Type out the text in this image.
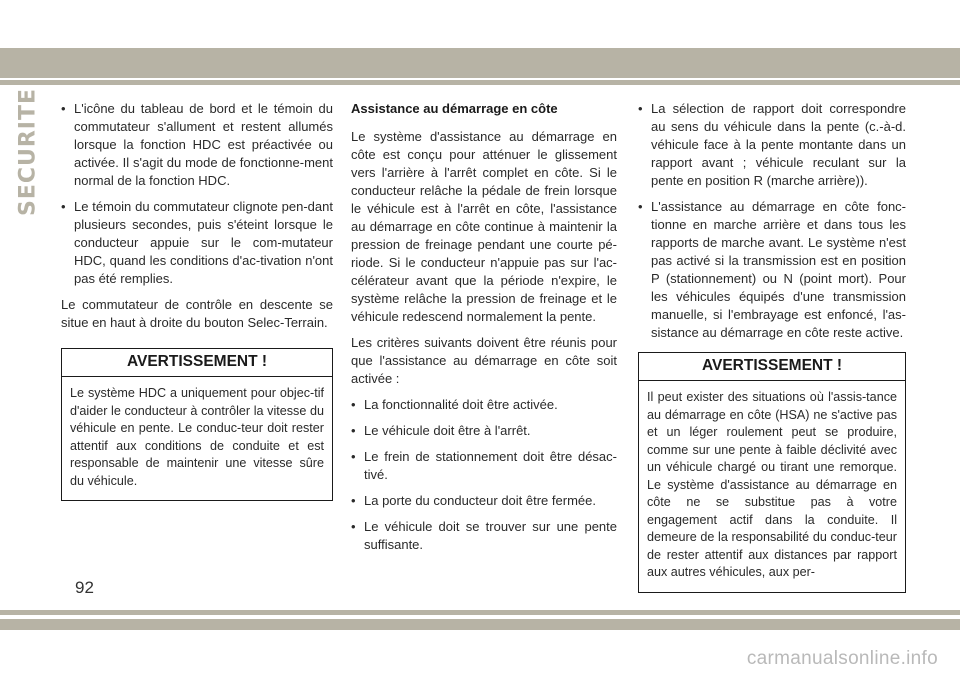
SECURITE • L'icône du tableau de bord et le témoin du commutateur s'allument et restent allumés lorsque la fonction HDC est préactivée ou activée. Il s'agit du mode de fonctionne-ment normal de la fonction HDC.
• Le témoin du commutateur clignote pen-dant plusieurs secondes, puis s'éteint lorsque le conducteur appuie sur le com-mutateur HDC, quand les conditions d'ac-tivation n'ont pas été remplies.

Le commutateur de contrôle en descente se situe en haut à droite du bouton Selec-Terrain.

AVERTISSEMENT !
Le système HDC a uniquement pour objec-tif d'aider le conducteur à contrôler la vitesse du véhicule en pente. Le conduc-teur doit rester attentif aux conditions de conduite et est responsable de maintenir une vitesse sûre du véhicule.
Assistance au démarrage en côte

Le système d'assistance au démarrage en côte est conçu pour atténuer le glissement vers l'arrière à l'arrêt complet en côte. Si le conducteur relâche la pédale de frein lorsque le véhicule est à l'arrêt en côte, l'assistance au démarrage en côte continue à maintenir la pression de freinage pendant une courte pé-riode. Si le conducteur n'appuie pas sur l'ac-célérateur avant que la période n'expire, le système relâche la pression de freinage et le véhicule redescend normalement la pente.

Les critères suivants doivent être réunis pour que l'assistance au démarrage en côte soit activée :

• La fonctionnalité doit être activée.
• Le véhicule doit être à l'arrêt.
• Le frein de stationnement doit être désac-tivé.
• La porte du conducteur doit être fermée.
• Le véhicule doit se trouver sur une pente suffisante.
• La sélection de rapport doit correspondre au sens du véhicule dans la pente (c.-à-d. véhicule face à la pente montante dans un rapport avant ; véhicule reculant sur la pente en position R (marche arrière)).
• L'assistance au démarrage en côte fonc-tionne en marche arrière et dans tous les rapports de marche avant. Le système n'est pas activé si la transmission est en position P (stationnement) ou N (point mort). Pour les véhicules équipés d'une transmission manuelle, si l'embrayage est enfoncé, l'as-sistance au démarrage en côte reste active.
AVERTISSEMENT !
Il peut exister des situations où l'assis-tance au démarrage en côte (HSA) ne s'active pas et un léger roulement peut se produire, comme sur une pente à faible déclivité avec un véhicule chargé ou tirant une remorque. Le système d'assistance au démarrage en côte ne se substitue pas à votre engagement actif dans la conduite. Il demeure de la responsabilité du conduc-teur de rester attentif aux distances par rapport aux autres véhicules, aux per-
92
carmanualsonline.info
